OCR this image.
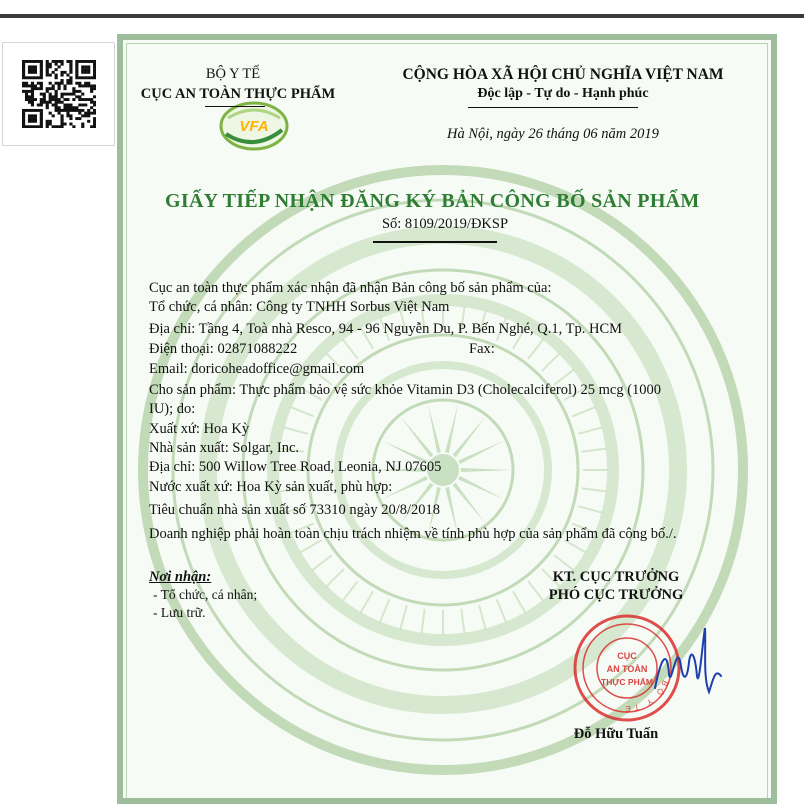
VFA
BỘ Y TẾ
CỤC AN TOÀN THỰC PHẨM
CỘNG HÒA XÃ HỘI CHỦ NGHĨA VIỆT NAM
Độc lập - Tự do - Hạnh phúc
Hà Nội, ngày 26 tháng 06 năm 2019
GIẤY TIẾP NHẬN ĐĂNG KÝ BẢN CÔNG BỐ SẢN PHẨM
Số: 8109/2019/ĐKSP
Cục an toàn thực phẩm xác nhận đã nhận Bản công bố sản phẩm của:
Tổ chức, cá nhân: Công ty TNHH Sorbus Việt Nam
Địa chỉ: Tầng 4, Toà nhà Resco, 94 - 96 Nguyễn Du, P. Bến Nghé, Q.1, Tp. HCM
Điện thoại: 02871088222	Fax:
Email: doricoheadoffice@gmail.com
Cho sản phẩm: Thực phẩm bảo vệ sức khỏe Vitamin D3 (Cholecalciferol) 25 mcg (1000
IU); do:
Xuất xứ: Hoa Kỳ
Nhà sản xuất: Solgar, Inc.
Địa chỉ: 500 Willow Tree Road, Leonia, NJ 07605
Nước xuất xứ: Hoa Kỳ sản xuất, phù hợp:
Tiêu chuẩn nhà sản xuất số 73310 ngày 20/8/2018
Doanh nghiệp phải hoàn toàn chịu trách nhiệm về tính phù hợp của sản phẩm đã công bố./.
Nơi nhận:
- Tổ chức, cá nhân;
- Lưu trữ.
KT. CỤC TRƯỞNG
PHÓ CỤC TRƯỞNG
BỘ Y TẾ
CỤC
AN TOÀN
THỰC PHẨM
Đỗ Hữu Tuấn
